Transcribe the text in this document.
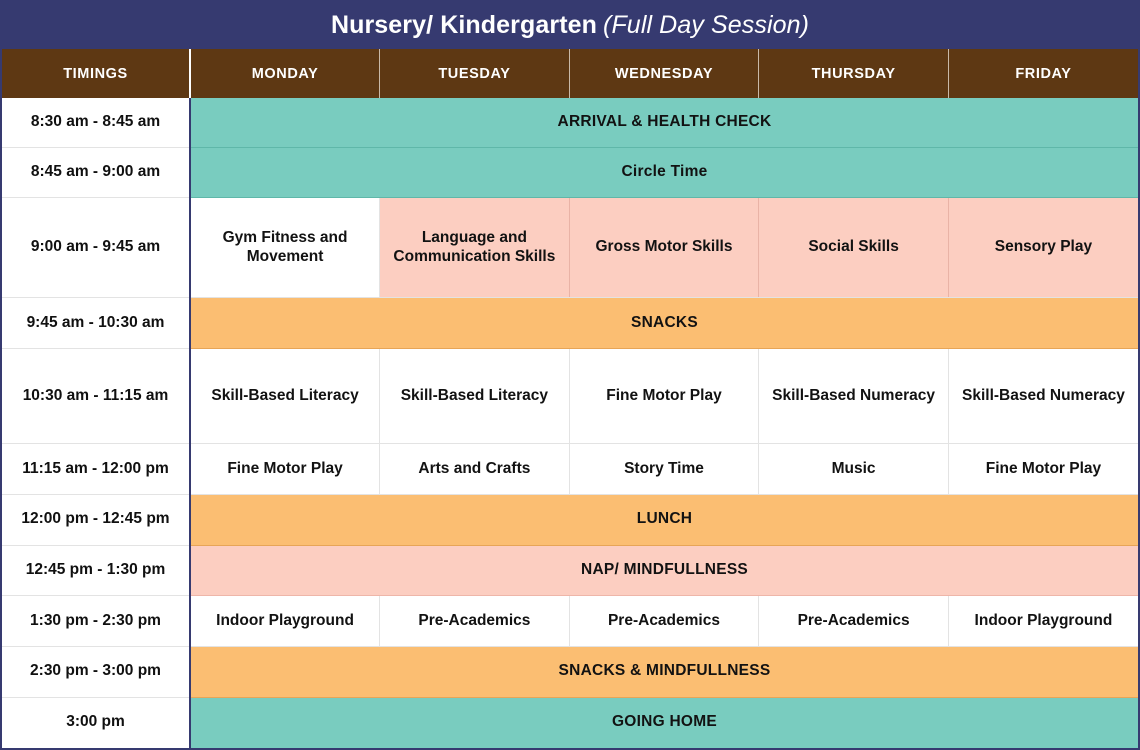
Nursery/ Kindergarten (Full Day Session)
TIMINGS	MONDAY	TUESDAY	WEDNESDAY	THURSDAY	FRIDAY
8:30 am - 8:45 am	ARRIVAL & HEALTH CHECK				
8:45 am - 9:00 am	Circle Time				
9:00 am - 9:45 am	Gym Fitness and Movement	Language and Communication Skills	Gross Motor Skills	Social Skills	Sensory Play
9:45 am - 10:30 am	SNACKS				
10:30 am - 11:15 am	Skill-Based Literacy	Skill-Based Literacy	Fine Motor Play	Skill-Based Numeracy	Skill-Based Numeracy
11:15 am - 12:00 pm	Fine Motor Play	Arts and Crafts	Story Time	Music	Fine Motor Play
12:00 pm - 12:45 pm	LUNCH				
12:45 pm - 1:30 pm	NAP/ MINDFULLNESS				
1:30 pm - 2:30 pm	Indoor Playground	Pre-Academics	Pre-Academics	Pre-Academics	Indoor Playground
2:30 pm - 3:00 pm	SNACKS & MINDFULLNESS				
3:00 pm	GOING HOME				
